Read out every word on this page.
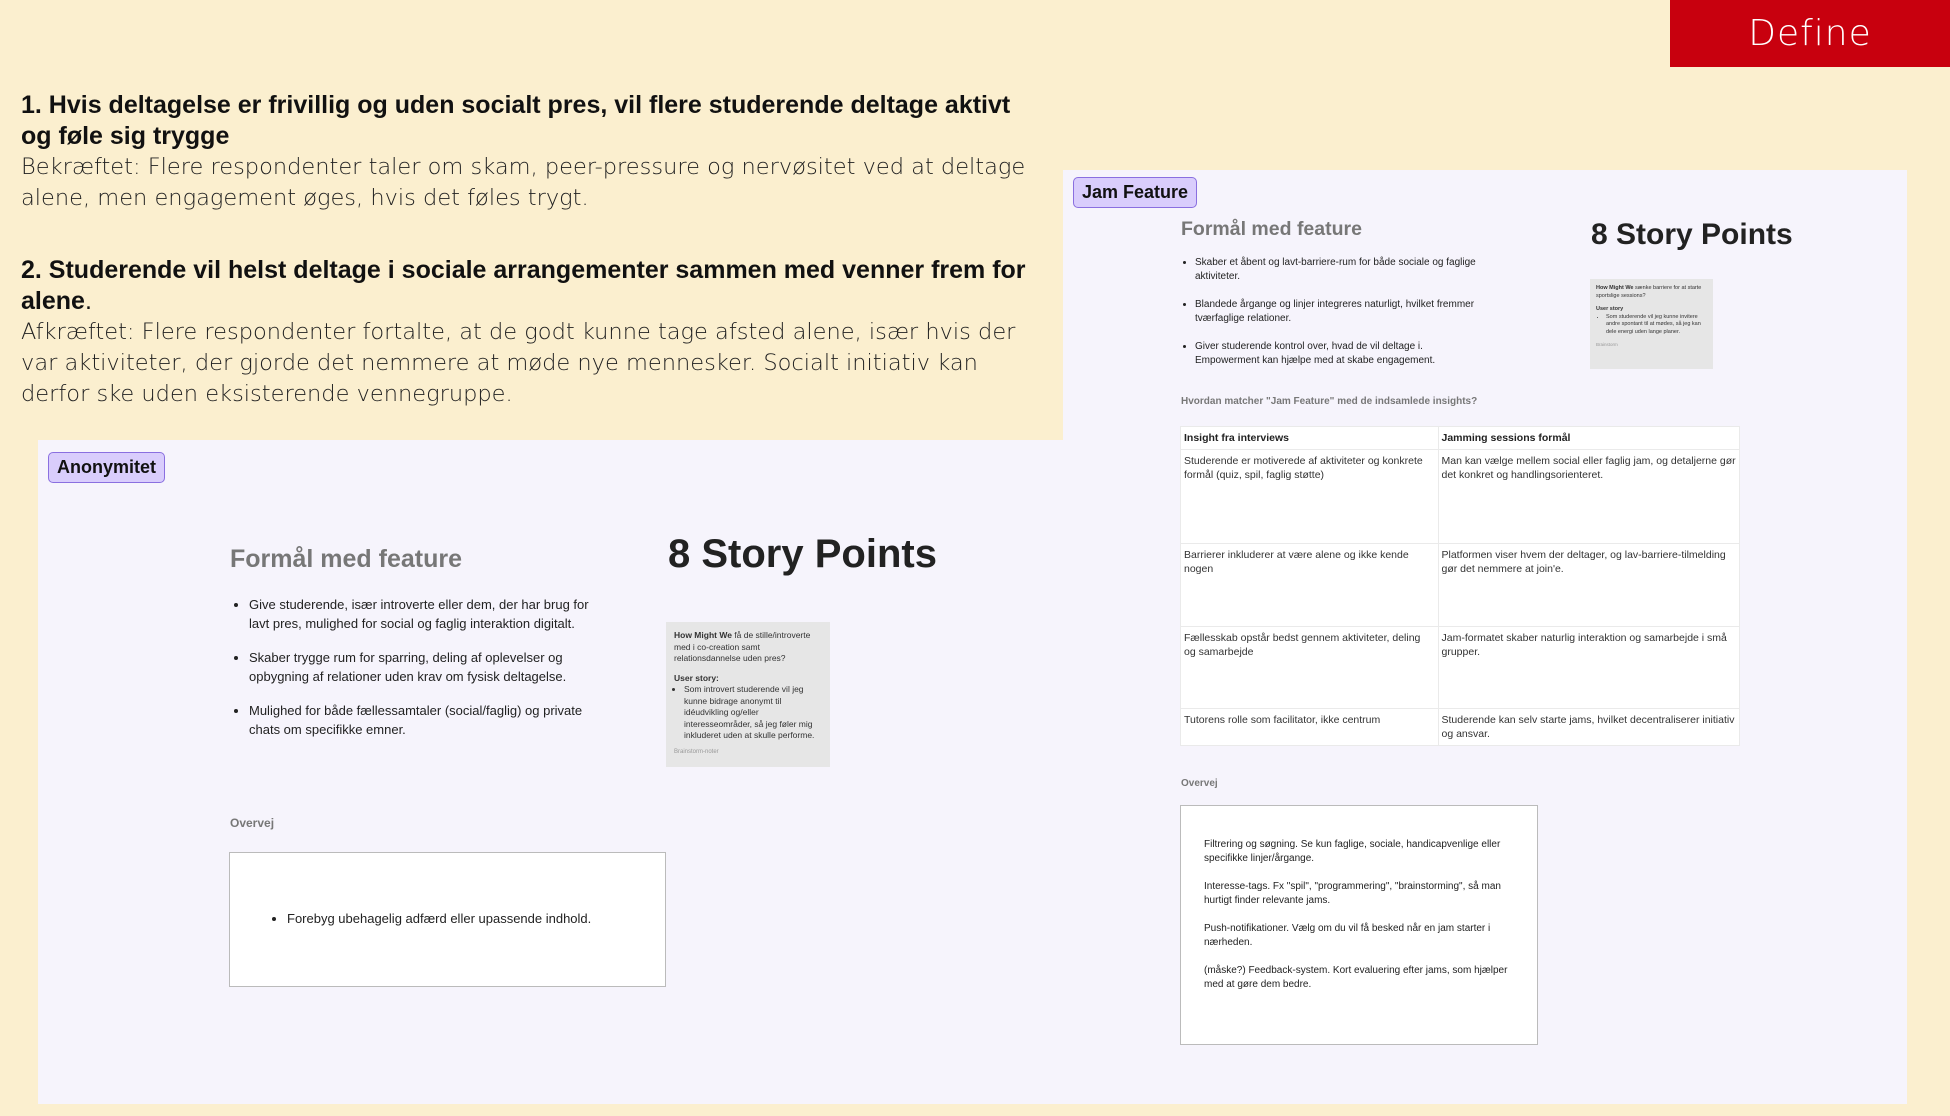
Define
1. Hvis deltagelse er frivillig og uden socialt pres, vil flere studerende deltage aktivt og føle sig trygge

Bekræftet: Flere respondenter taler om skam, peer-pressure og nervøsitet ved at deltage alene, men engagement øges, hvis det føles trygt.

2. Studerende vil helst deltage i sociale arrangementer sammen med venner frem for alene.

Afkræftet: Flere respondenter fortalte, at de godt kunne tage afsted alene, især hvis der var aktiviteter, der gjorde det nemmere at møde nye mennesker. Socialt initiativ kan derfor ske uden eksisterende vennegruppe.

Anonymitet
Formål med feature	8 Story Points
• Give studerende, især introverte eller dem, der har brug for lavt pres, mulighed for social og faglig interaktion digitalt.
• Skaber trygge rum for sparring, deling af oplevelser og opbygning af relationer uden krav om fysisk deltagelse.
• Mulighed for både fællessamtaler (social/faglig) og private chats om specifikke emner.
How Might We få de stille/introverte med i co-creation samt relationsdannelse uden pres?
User story:
• Som introvert studerende vil jeg kunne bidrage anonymt til idéudvikling og/eller interesseområder, så jeg føler mig inkluderet uden at skulle performe.
Brainstorm-noter
Overvej
• Forebyg ubehagelig adfærd eller upassende indhold.
Jam Feature
Formål med feature	8 Story Points
• Skaber et åbent og lavt-barriere-rum for både sociale og faglige aktiviteter.
• Blandede årgange og linjer integreres naturligt, hvilket fremmer tværfaglige relationer.
• Giver studerende kontrol over, hvad de vil deltage i. Empowerment kan hjælpe med at skabe engagement.
How Might We sænke barriere for at starte sportslige sessions?
User story
• Som studerende vil jeg kunne invitere andre spontant til at mødes, så jeg kan dele energi uden lange planer.
Brainstorm
Hvordan matcher "Jam Feature" med de indsamlede insights?
Insight fra interviews	Jamming sessions formål
Studerende er motiverede af aktiviteter og konkrete formål (quiz, spil, faglig støtte)	Man kan vælge mellem social eller faglig jam, og detaljerne gør det konkret og handlingsorienteret.
Barrierer inkluderer at være alene og ikke kende nogen	Platformen viser hvem der deltager, og lav-barriere-tilmelding gør det nemmere at join'e.
Fællesskab opstår bedst gennem aktiviteter, deling og samarbejde	Jam-formatet skaber naturlig interaktion og samarbejde i små grupper.
Tutorens rolle som facilitator, ikke centrum	Studerende kan selv starte jams, hvilket decentraliserer initiativ og ansvar.
Overvej

Filtrering og søgning. Se kun faglige, sociale, handicapvenlige eller specifikke linjer/årgange.

Interesse-tags. Fx "spil", "programmering", "brainstorming", så man hurtigt finder relevante jams.

Push-notifikationer. Vælg om du vil få besked når en jam starter i nærheden.

(måske?) Feedback-system. Kort evaluering efter jams, som hjælper med at gøre dem bedre.
